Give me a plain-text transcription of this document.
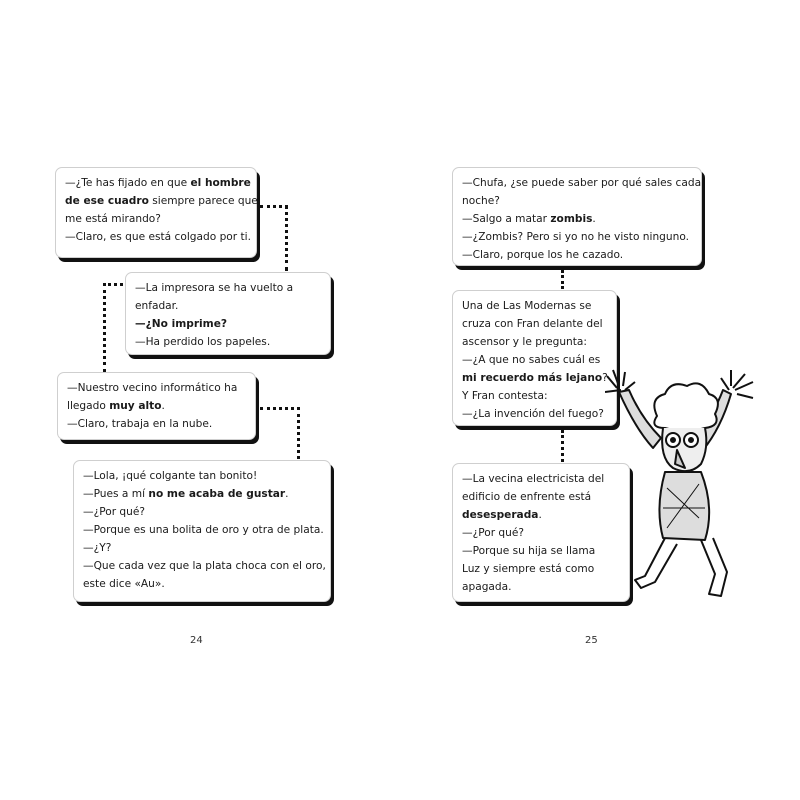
—¿Te has fijado en que el hombre

de ese cuadro siempre parece que

me está mirando?

—Claro, es que está colgado por ti.

—La impresora se ha vuelto a

enfadar.

—¿No imprime?

—Ha perdido los papeles.

—Nuestro vecino informático ha

llegado muy alto.

—Claro, trabaja en la nube.

—Lola, ¡qué colgante tan bonito!

—Pues a mí no me acaba de gustar.

—¿Por qué?

—Porque es una bolita de oro y otra de plata.

—¿Y?

—Que cada vez que la plata choca con el oro,

este dice «Au».

—Chufa, ¿se puede saber por qué sales cada

noche?

—Salgo a matar zombis.

—¿Zombis? Pero si yo no he visto ninguno.

—Claro, porque los he cazado.

Una de Las Modernas se

cruza con Fran delante del

ascensor y le pregunta:

—¿A que no sabes cuál es

mi recuerdo más lejano?

Y Fran contesta:

—¿La invención del fuego?

—La vecina electricista del

edificio de enfrente está

desesperada.

—¿Por qué?

—Porque su hija se llama

Luz y siempre está como

apagada.

24	25
